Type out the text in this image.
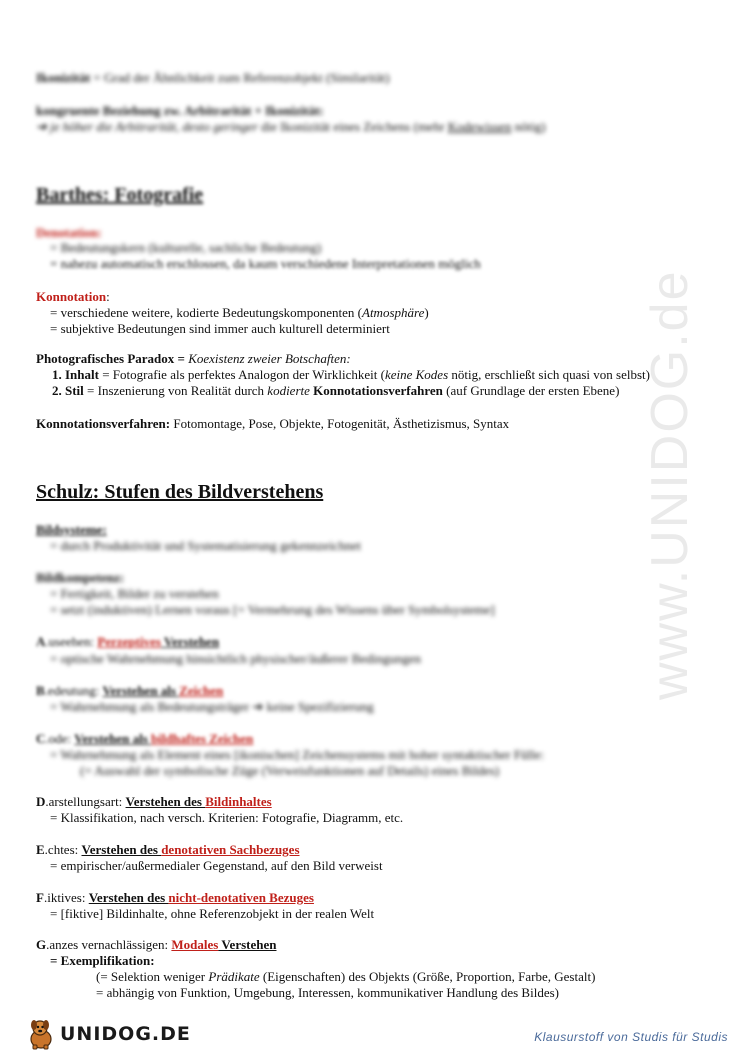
www.UNIDOG.de
Ikonizität = Grad der Ähnlichkeit zum Referenzobjekt (Similarität)
kongruente Beziehung zw. Arbitrarität + Ikonizität:
➔ je höher die Arbitrarität, desto geringer die Ikonizität eines Zeichens (mehr Kodewissen nötig)
Barthes: Fotografie
Denotation:
= Bedeutungskern (kulturelle, sachliche Bedeutung)
= nahezu automatisch erschlossen, da kaum verschiedene Interpretationen möglich
Konnotation:
= verschiedene weitere, kodierte Bedeutungskomponenten (Atmosphäre)
= subjektive Bedeutungen sind immer auch kulturell determiniert
Photografisches Paradox = Koexistenz zweier Botschaften:
1. Inhalt = Fotografie als perfektes Analogon der Wirklichkeit (keine Kodes nötig, erschließt sich quasi von selbst)
2. Stil = Inszenierung von Realität durch kodierte Konnotationsverfahren (auf Grundlage der ersten Ebene)
Konnotationsverfahren: Fotomontage, Pose, Objekte, Fotogenität, Ästhetizismus, Syntax
Schulz: Stufen des Bildverstehens
Bildsysteme:
= durch Produktivität und Systematisierung gekennzeichnet
Bildkompetenz:
= Fertigkeit, Bilder zu verstehen
= setzt (induktiven) Lernen voraus [= Vermehrung des Wissens über Symbolsysteme]
A.useehen: Perzeptives Verstehen
= optische Wahrnehmung hinsichtlich physischer/äußerer Bedingungen
B.edeutung: Verstehen als Zeichen
= Wahrnehmung als Bedeutungsträger ➔ keine Spezifizierung
C.ode: Verstehen als bildhaftes Zeichen
= Wahrnehmung als Element eines [ikonischen] Zeichensystems mit hoher syntaktischer Fülle:
(= Auswahl der symbolische Züge (Verweisfunktionen auf Details) eines Bildes)
D.arstellungsart: Verstehen des Bildinhaltes
= Klassifikation, nach versch. Kriterien: Fotografie, Diagramm, etc.
E.chtes: Verstehen des denotativen Sachbezuges
= empirischer/außermedialer Gegenstand, auf den Bild verweist
F.iktives: Verstehen des nicht-denotativen Bezuges
= [fiktive] Bildinhalte, ohne Referenzobjekt in der realen Welt
G.anzes vernachlässigen: Modales Verstehen
= Exemplifikation:
(= Selektion weniger Prädikate (Eigenschaften) des Objekts (Größe, Proportion, Farbe, Gestalt)
= abhängig von Funktion, Umgebung, Interessen, kommunikativer Handlung des Bildes)
UNIDOG.DE	Klausurstoff von Studis für Studis
